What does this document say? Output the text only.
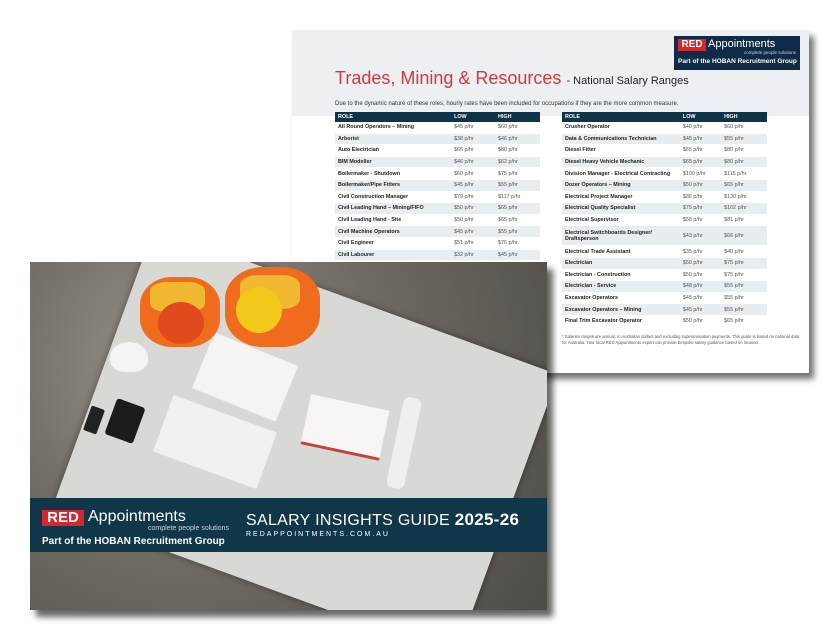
RED Appointments
complete people solutions
Part of the HOBAN Recruitment Group
Trades, Mining & Resources - National Salary Ranges
Due to the dynamic nature of these roles, hourly rates have been included for occupations if they are the more common measure.
ROLE	LOW	HIGH
All Round Operators – Mining	$45 p/hr	$60 p/hr
Arborist	$38 p/hr	$46 p/hr
Auto Electrician	$65 p/hr	$80 p/hr
BIM Modeller	$46 p/hr	$62 p/hr
Boilermaker - Shutdown	$60 p/hr	$75 p/hr
Boilermaker/Pipe Fitters	$45 p/hr	$55 p/hr
Civil Construction Manager	$79 p/hr	$117 p/hr
Civil Leading Hand – Mining/FIFO	$50 p/hr	$65 p/hr
Civil Leading Hand - Site	$50 p/hr	$65 p/hr
Civil Machine Operators	$45 p/hr	$55 p/hr
Civil Engineer	$51 p/hr	$76 p/hr
Civil Labourer	$32 p/hr	$45 p/hr
ROLE	LOW	HIGH
Crusher Operator	$40 p/hr	$60 p/hr
Data & Communications Technician	$45 p/hr	$55 p/hr
Diesel Fitter	$65 p/hr	$80 p/hr
Diesel Heavy Vehicle Mechanic	$65 p/hr	$80 p/hr
Division Manager - Electrical Contracting	$100 p/hr	$115 p/hr
Dozer Operators – Mining	$50 p/hr	$65 p/hr
Electrical Project Manager	$86 p/hr	$130 p/hr
Electrical Quality Specialist	$75 p/hr	$102 p/hr
Electrical Supervisor	$58 p/hr	$81 p/hr
Electrical Switchboards Designer/ Draftsperson	$43 p/hr	$66 p/hr
Electrical Trade Assistant	$35 p/hr	$40 p/hr
Electrician	$50 p/hr	$75 p/hr
Electrician - Construction	$50 p/hr	$75 p/hr
Electrician - Service	$48 p/hr	$55 p/hr
Excavator Operators	$45 p/hr	$55 p/hr
Excavator Operators – Mining	$45 p/hr	$55 p/hr
Final Trim Excavator Operator	$50 p/hr	$65 p/hr
* Salaries ranges are annual, in Australian dollars and excluding superannuation payments. This guide is based on national data for Australia. Your local RED Appointments expert can provide bespoke salary guidance based on location.
RED Appointments
complete people solutions
Part of the HOBAN Recruitment Group
SALARY INSIGHTS GUIDE 2025-26
REDAPPOINTMENTS.COM.AU
